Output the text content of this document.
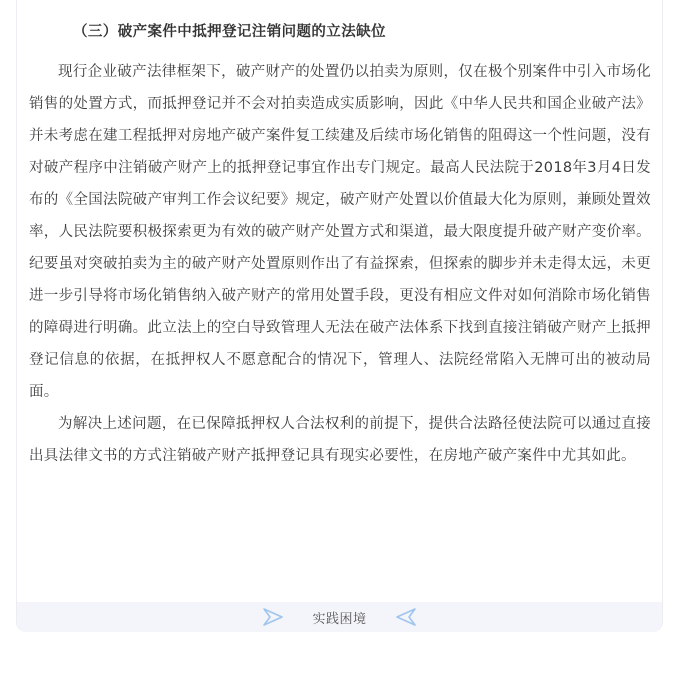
（三）破产案件中抵押登记注销问题的立法缺位

现行企业破产法律框架下，破产财产的处置仍以拍卖为原则，仅在极个别案件中引入市场化销售的处置方式，而抵押登记并不会对拍卖造成实质影响，因此《中华人民共和国企业破产法》并未考虑在建工程抵押对房地产破产案件复工续建及后续市场化销售的阻碍这一个性问题，没有对破产程序中注销破产财产上的抵押登记事宜作出专门规定。最高人民法院于2018年3月4日发布的《全国法院破产审判工作会议纪要》规定，破产财产处置以价值最大化为原则，兼顾处置效率，人民法院要积极探索更为有效的破产财产处置方式和渠道，最大限度提升破产财产变价率。纪要虽对突破拍卖为主的破产财产处置原则作出了有益探索，但探索的脚步并未走得太远，未更进一步引导将市场化销售纳入破产财产的常用处置手段，更没有相应文件对如何消除市场化销售的障碍进行明确。此立法上的空白导致管理人无法在破产法体系下找到直接注销破产财产上抵押登记信息的依据，在抵押权人不愿意配合的情况下，管理人、法院经常陷入无牌可出的被动局面。

为解决上述问题，在已保障抵押权人合法权利的前提下，提供合法路径使法院可以通过直接出具法律文书的方式注销破产财产抵押登记具有现实必要性，在房地产破产案件中尤其如此。

实践困境
